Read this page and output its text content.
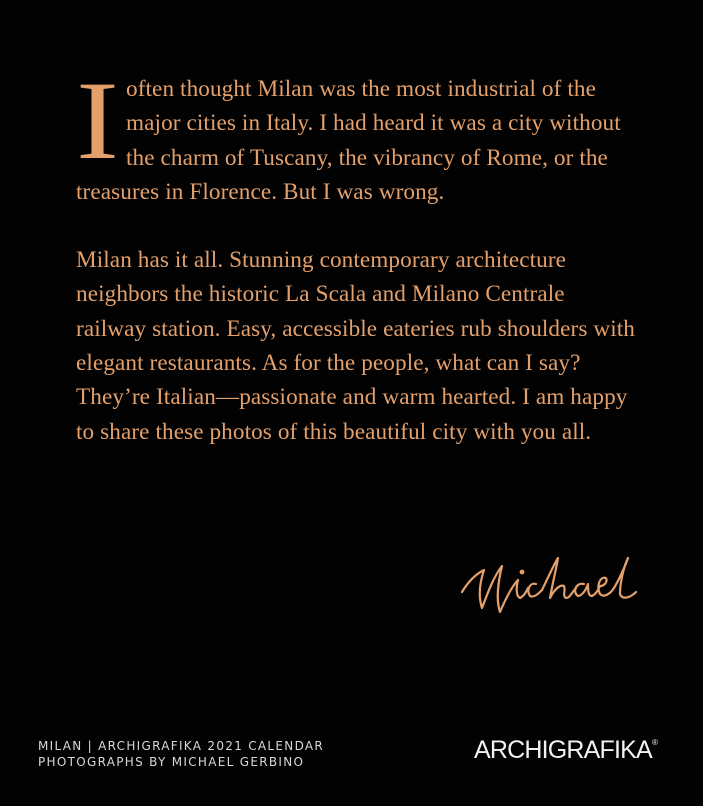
I often thought Milan was the most industrial of the major cities in Italy. I had heard it was a city without the charm of Tuscany, the vibrancy of Rome, or the treasures in Florence. But I was wrong.

Milan has it all. Stunning contemporary architecture neighbors the historic La Scala and Milano Centrale railway station. Easy, accessible eateries rub shoulders with elegant restaurants. As for the people, what can I say? They’re Italian—passionate and warm hearted. I am happy to share these photos of this beautiful city with you all.

MILAN | ARCHIGRAFIKA 2021 CALENDAR
PHOTOGRAPHS BY MICHAEL GERBINO	ARCHIGRAFIKA®
